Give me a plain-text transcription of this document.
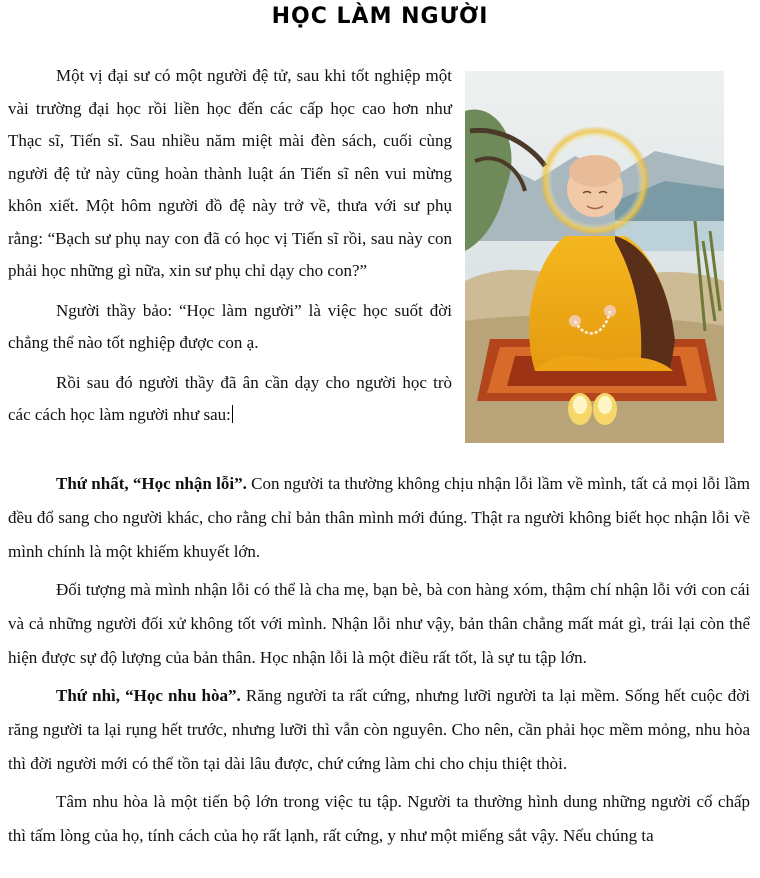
HỌC LÀM NGƯỜI

Một vị đại sư có một người đệ tử, sau khi tốt nghiệp một vài trường đại học rồi liền học đến các cấp học cao hơn như Thạc sĩ, Tiến sĩ. Sau nhiều năm miệt mài đèn sách, cuối cùng người đệ tử này cũng hoàn thành luật án Tiến sĩ nên vui mừng khôn xiết. Một hôm người đồ đệ này trở về, thưa với sư phụ rằng: “Bạch sư phụ nay con đã có học vị Tiến sĩ rồi, sau này con phải học những gì nữa, xin sư phụ chỉ dạy cho con?”

Người thầy bảo: “Học làm người” là việc học suốt đời chẳng thể nào tốt nghiệp được con ạ.

Rồi sau đó người thầy đã ân cần dạy cho người học trò các cách học làm người như sau:

Thứ nhất, “Học nhận lỗi”. Con người ta thường không chịu nhận lỗi lầm về mình, tất cả mọi lỗi lầm đều đổ sang cho người khác, cho rằng chỉ bản thân mình mới đúng. Thật ra người không biết học nhận lỗi về mình chính là một khiếm khuyết lớn.

Đối tượng mà mình nhận lỗi có thể là cha mẹ, bạn bè, bà con hàng xóm, thậm chí nhận lỗi với con cái và cả những người đối xử không tốt với mình. Nhận lỗi như vậy, bản thân chẳng mất mát gì, trái lại còn thể hiện được sự độ lượng của bản thân. Học nhận lỗi là một điều rất tốt, là sự tu tập lớn.

Thứ nhì, “Học nhu hòa”. Răng người ta rất cứng, nhưng lưỡi người ta lại mềm. Sống hết cuộc đời răng người ta lại rụng hết trước, nhưng lưỡi thì vẫn còn nguyên. Cho nên, cần phải học mềm mỏng, nhu hòa thì đời người mới có thể tồn tại dài lâu được, chứ cứng làm chi cho chịu thiệt thòi.

Tâm nhu hòa là một tiến bộ lớn trong việc tu tập. Người ta thường hình dung những người cố chấp thì tấm lòng của họ, tính cách của họ rất lạnh, rất cứng, y như một miếng sắt vậy. Nếu chúng ta
